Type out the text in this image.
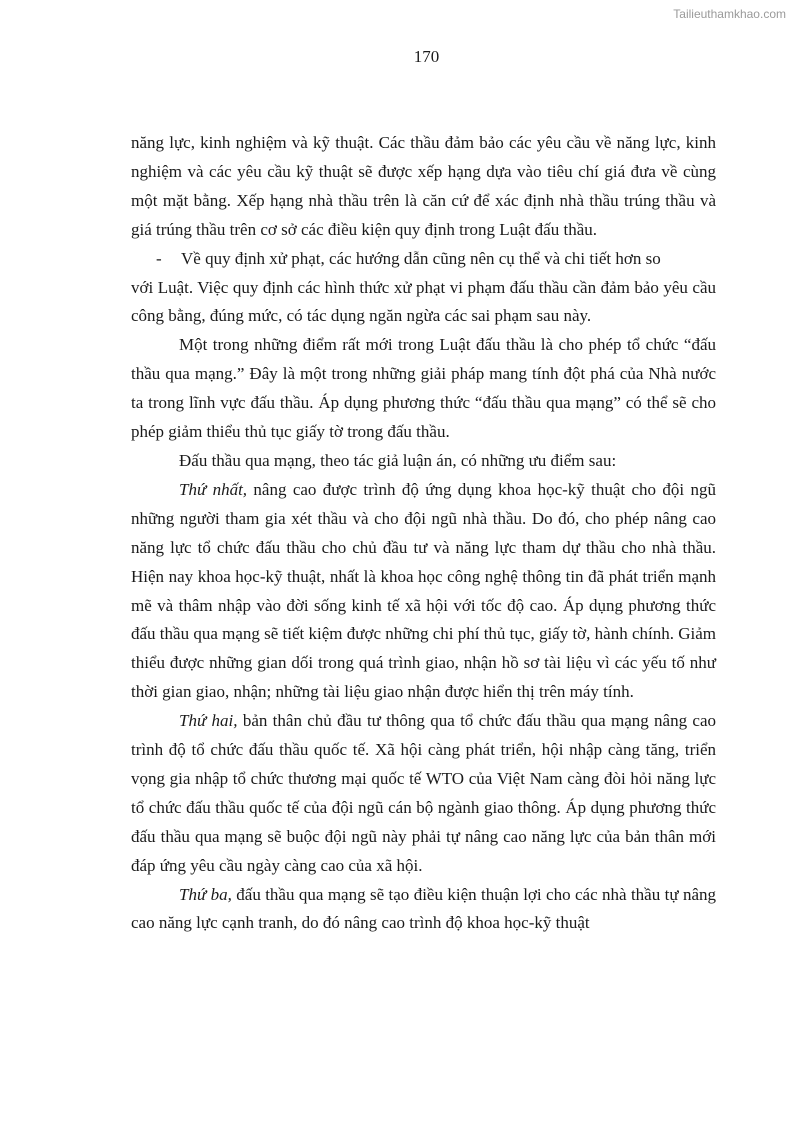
Tailieuthamkhao.com
170

năng lực, kinh nghiệm và kỹ thuật. Các thầu đảm bảo các yêu cầu về năng lực, kinh nghiệm và các yêu cầu kỹ thuật sẽ được xếp hạng dựa vào tiêu chí giá đưa về cùng một mặt bằng. Xếp hạng nhà thầu trên là căn cứ để xác định nhà thầu trúng thầu và giá trúng thầu trên cơ sở các điều kiện quy định trong Luật đấu thầu.

-	Về quy định xử phạt, các hướng dẫn cũng nên cụ thể và chi tiết hơn so

với Luật. Việc quy định các hình thức xử phạt vi phạm đấu thầu cần đảm bảo yêu cầu công bằng, đúng mức, có tác dụng ngăn ngừa các sai phạm sau này.

Một trong những điểm rất mới trong Luật đấu thầu là cho phép tổ chức “đấu thầu qua mạng.” Đây là một trong những giải pháp mang tính đột phá của Nhà nước ta trong lĩnh vực đấu thầu. Áp dụng phương thức “đấu thầu qua mạng” có thể sẽ cho phép giảm thiểu thủ tục giấy tờ trong đấu thầu.

Đấu thầu qua mạng, theo tác giả luận án, có những ưu điểm sau:

Thứ nhất, nâng cao được trình độ ứng dụng khoa học-kỹ thuật cho đội ngũ những người tham gia xét thầu và cho đội ngũ nhà thầu. Do đó, cho phép nâng cao năng lực tổ chức đấu thầu cho chủ đầu tư và năng lực tham dự thầu cho nhà thầu. Hiện nay khoa học-kỹ thuật, nhất là khoa học công nghệ thông tin đã phát triển mạnh mẽ và thâm nhập vào đời sống kinh tế xã hội với tốc độ cao. Áp dụng phương thức đấu thầu qua mạng sẽ tiết kiệm được những chi phí thủ tục, giấy tờ, hành chính. Giảm thiểu được những gian dối trong quá trình giao, nhận hồ sơ tài liệu vì các yếu tố như thời gian giao, nhận; những tài liệu giao nhận được hiển thị trên máy tính.

Thứ hai, bản thân chủ đầu tư thông qua tổ chức đấu thầu qua mạng nâng cao trình độ tổ chức đấu thầu quốc tế. Xã hội càng phát triển, hội nhập càng tăng, triển vọng gia nhập tổ chức thương mại quốc tế WTO của Việt Nam càng đòi hỏi năng lực tổ chức đấu thầu quốc tế của đội ngũ cán bộ ngành giao thông. Áp dụng phương thức đấu thầu qua mạng sẽ buộc đội ngũ này phải tự nâng cao năng lực của bản thân mới đáp ứng yêu cầu ngày càng cao của xã hội.

Thứ ba, đấu thầu qua mạng sẽ tạo điều kiện thuận lợi cho các nhà thầu tự nâng cao năng lực cạnh tranh, do đó nâng cao trình độ khoa học-kỹ thuật
